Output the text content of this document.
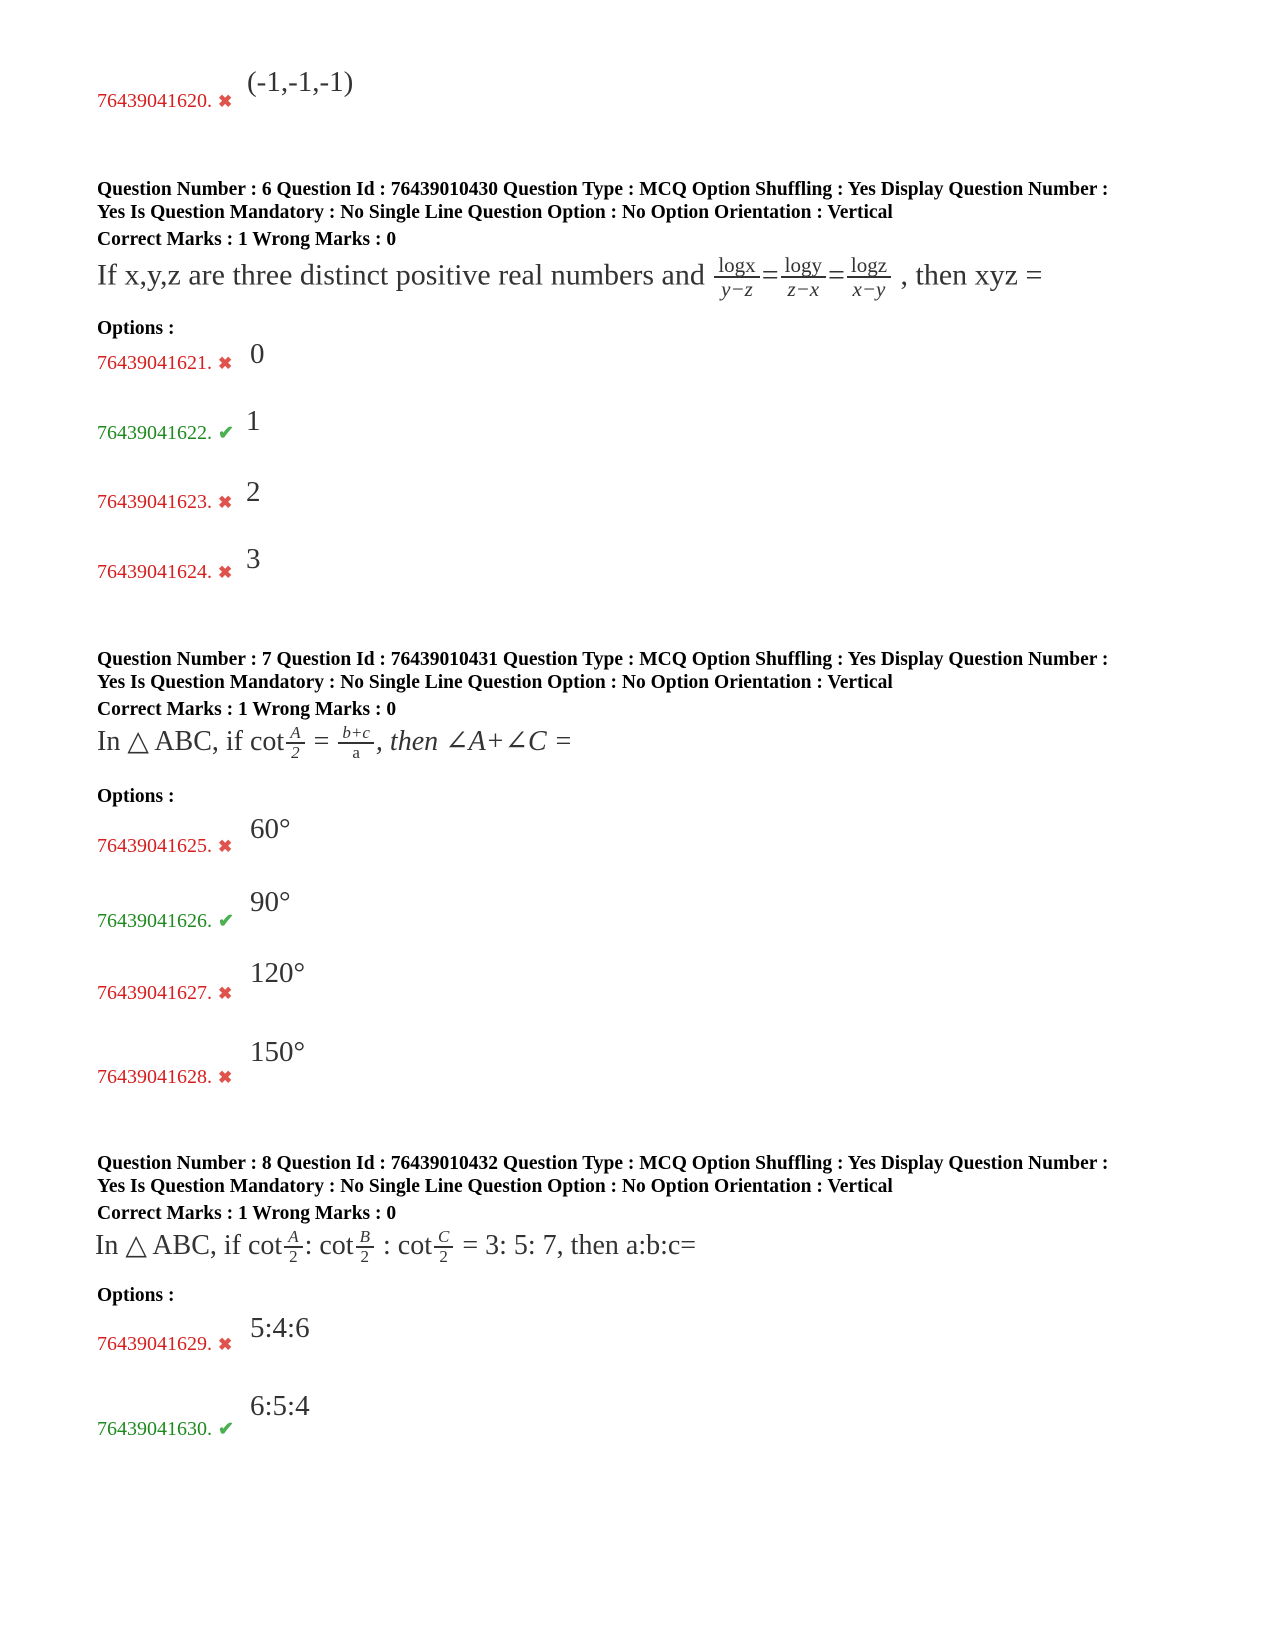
76439041620. ✖
(-1,-1,-1)
Question Number : 6 Question Id : 76439010430 Question Type : MCQ Option Shuffling : Yes Display Question Number :
Yes Is Question Mandatory : No Single Line Question Option : No Option Orientation : Vertical
Correct Marks : 1 Wrong Marks : 0
If x,y,z are three distinct positive real numbers and $\frac{\log x}{y-z} = \frac{\log y}{z-x} = \frac{\log z}{x-y}$ , then xyz =
Options :
76439041621. ✖ 0
76439041622. ✔ 1
76439041623. ✖ 2
76439041624. ✖ 3
Question Number : 7 Question Id : 76439010431 Question Type : MCQ Option Shuffling : Yes Display Question Number :
Yes Is Question Mandatory : No Single Line Question Option : No Option Orientation : Vertical
Correct Marks : 1 Wrong Marks : 0
In △ ABC, if $\cot \frac{A}{2} = \frac{b+c}{a}$ , then ∠A+∠C =
Options :
76439041625. ✖
60°
76439041626. ✔
90°
76439041627. ✖
120°
76439041628. ✖
150°
Question Number : 8 Question Id : 76439010432 Question Type : MCQ Option Shuffling : Yes Display Question Number :
Yes Is Question Mandatory : No Single Line Question Option : No Option Orientation : Vertical
Correct Marks : 1 Wrong Marks : 0
In △ ABC, if $\cot \frac{A}{2}$ : $\cot \frac{B}{2}$ : $\cot \frac{C}{2} = 3$: 5: 7, then a:b:c=
Options :
76439041629. ✖
5:4:6
76439041630. ✔
6:5:4
